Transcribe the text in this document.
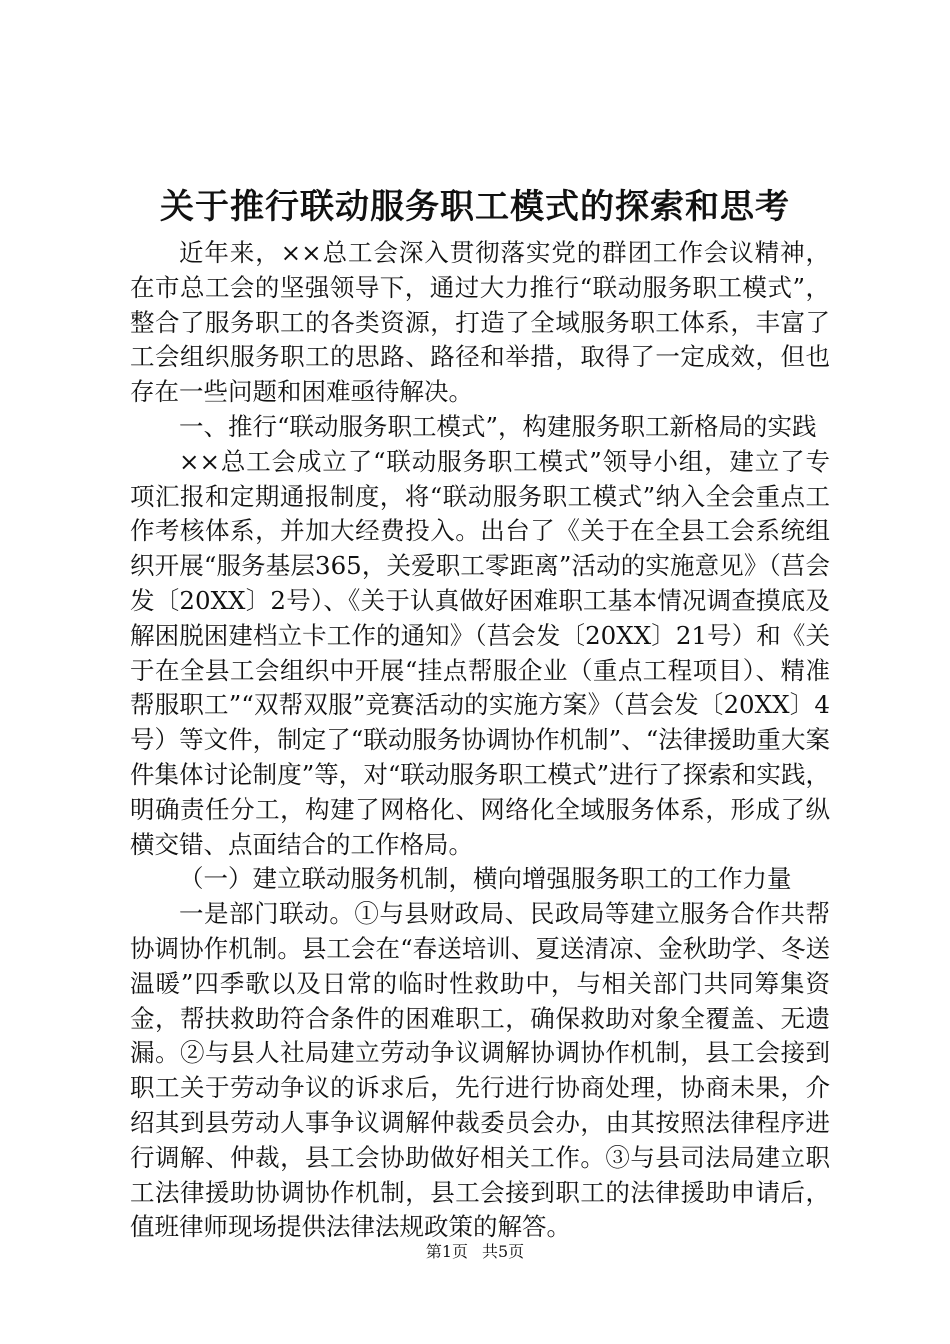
关于推行联动服务职工模式的探索和思考

近年来，××总工会深入贯彻落实党的群团工作会议精神，在市总工会的坚强领导下，通过大力推行“联动服务职工模式”，整合了服务职工的各类资源，打造了全域服务职工体系，丰富了工会组织服务职工的思路、路径和举措，取得了一定成效，但也存在一些问题和困难亟待解决。

一、推行“联动服务职工模式”，构建服务职工新格局的实践

××总工会成立了“联动服务职工模式”领导小组，建立了专项汇报和定期通报制度，将“联动服务职工模式”纳入全会重点工作考核体系，并加大经费投入。出台了《关于在全县工会系统组织开展“服务基层365，关爱职工零距离”活动的实施意见》（莒会发〔20XX〕2号）、《关于认真做好困难职工基本情况调查摸底及解困脱困建档立卡工作的通知》（莒会发〔20XX〕21号）和《关于在全县工会组织中开展“挂点帮服企业（重点工程项目）、精准帮服职工”“双帮双服”竞赛活动的实施方案》（莒会发〔20XX〕4号）等文件，制定了“联动服务协调协作机制”、“法律援助重大案件集体讨论制度”等，对“联动服务职工模式”进行了探索和实践，明确责任分工，构建了网格化、网络化全域服务体系，形成了纵横交错、点面结合的工作格局。

（一）建立联动服务机制，横向增强服务职工的工作力量

一是部门联动。①与县财政局、民政局等建立服务合作共帮协调协作机制。县工会在“春送培训、夏送清凉、金秋助学、冬送温暖”四季歌以及日常的临时性救助中，与相关部门共同筹集资金，帮扶救助符合条件的困难职工，确保救助对象全覆盖、无遗漏。②与县人社局建立劳动争议调解协调协作机制，县工会接到职工关于劳动争议的诉求后，先行进行协商处理，协商未果，介绍其到县劳动人事争议调解仲裁委员会办，由其按照法律程序进行调解、仲裁，县工会协助做好相关工作。③与县司法局建立职工法律援助协调协作机制，县工会接到职工的法律援助申请后，值班律师现场提供法律法规政策的解答。

第1页 共5页
